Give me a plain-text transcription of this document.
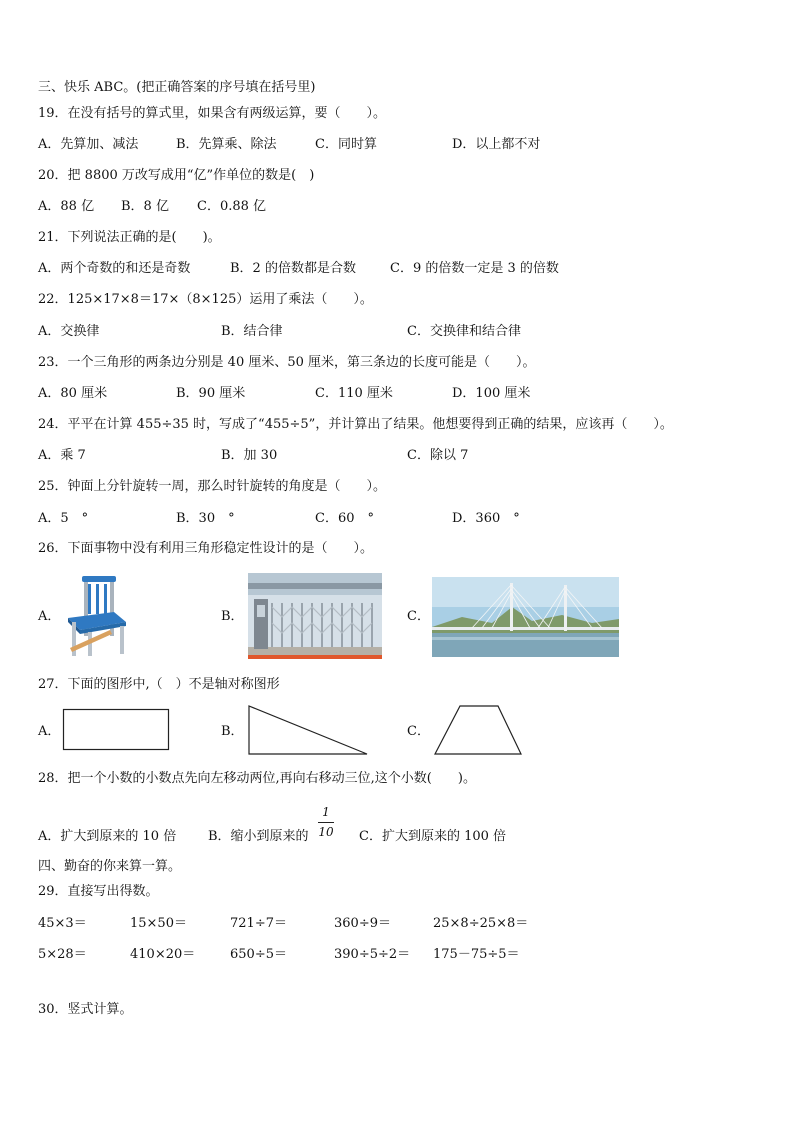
三、快乐 ABC。(把正确答案的序号填在括号里)
19．在没有括号的算式里，如果含有两级运算，要（　　）。
A．先算加、减法	B．先算乘、除法	C．同时算	D．以上都不对
20．把 8800 万改写成用“亿”作单位的数是(　)
A．88 亿 B．8 亿 C．0.88 亿
21．下列说法正确的是(　　)。
A．两个奇数的和还是奇数	B．2 的倍数都是合数	C．9 的倍数一定是 3 的倍数
22．125×17×8＝17×（8×125）运用了乘法（　　）。
A．交换律	B．结合律	C．交换律和结合律
23．一个三角形的两条边分别是 40 厘米、50 厘米，第三条边的长度可能是（　　）。
A．80 厘米	B．90 厘米	C．110 厘米	D．100 厘米
24．平平在计算 455÷35 时，写成了“455÷5”，并计算出了结果。他想要得到正确的结果，应该再（　　）。
A．乘 7	B．加 30	C．除以 7
25．钟面上分针旋转一周，那么时针旋转的角度是（　　）。
A．5　°	B．30　°	C．60　°	D．360　°
26．下面事物中没有利用三角形稳定性设计的是（　　）。
A．	B．	C．
27．下面的图形中,（　）不是轴对称图形
A．	B．	C．
28．把一个小数的小数点先向左移动两位,再向右移动三位,这个小数(　　)。
A．扩大到原来的 10 倍 B．缩小到原来的
1
10 C．扩大到原来的 100 倍
四、勤奋的你来算一算。
29．直接写出得数。
45×3＝	15×50＝	721÷7＝	360÷9＝	25×8÷25×8＝
5×28＝	410×20＝	650÷5＝	390÷5÷2＝ 175－75÷5＝
30．竖式计算。
